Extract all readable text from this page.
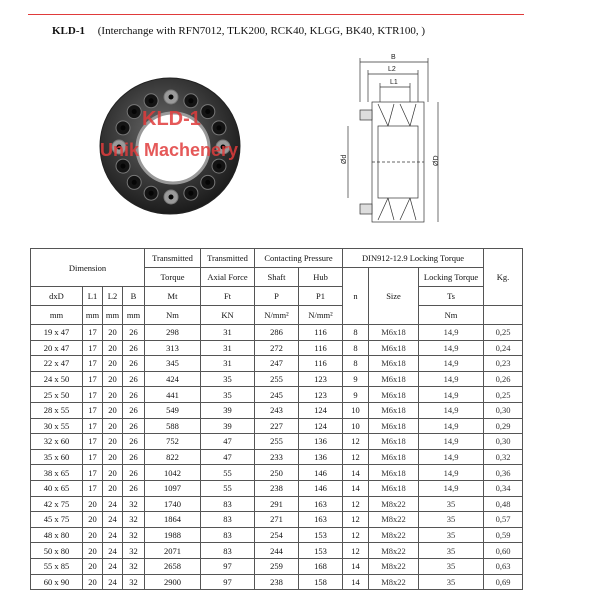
KLD-1 (Interchange with RFN7012, TLK200, RCK40, KLGG, BK40, KTR100, )
KLD-1
Unik Machenery
B
L2
L1
Ød	ØD
Dimension				Transmitted	Transmitted	Contacting Pressure		DIN912-12.9 Locking Torque			Kg.
				Torque	Axial Force	Shaft	Hub	n	Size	Locking Torque	
dxD	L1	L2	B	Mt	Ft	P	P1			Ts	
mm	mm	mm	mm	Nm	KN	N/mm²	N/mm²			Nm	
19 x 47	17	20	26	298	31	286	116	8	M6x18	14,9	0,25
20 x 47	17	20	26	313	31	272	116	8	M6x18	14,9	0,24
22 x 47	17	20	26	345	31	247	116	8	M6x18	14,9	0,23
24 x 50	17	20	26	424	35	255	123	9	M6x18	14,9	0,26
25 x 50	17	20	26	441	35	245	123	9	M6x18	14,9	0,25
28 x 55	17	20	26	549	39	243	124	10	M6x18	14,9	0,30
30 x 55	17	20	26	588	39	227	124	10	M6x18	14,9	0,29
32 x 60	17	20	26	752	47	255	136	12	M6x18	14,9	0,30
35 x 60	17	20	26	822	47	233	136	12	M6x18	14,9	0,32
38 x 65	17	20	26	1042	55	250	146	14	M6x18	14,9	0,36
40 x 65	17	20	26	1097	55	238	146	14	M6x18	14,9	0,34
42 x 75	20	24	32	1740	83	291	163	12	M8x22	35	0,48
45 x 75	20	24	32	1864	83	271	163	12	M8x22	35	0,57
48 x 80	20	24	32	1988	83	254	153	12	M8x22	35	0,59
50 x 80	20	24	32	2071	83	244	153	12	M8x22	35	0,60
55 x 85	20	24	32	2658	97	259	168	14	M8x22	35	0,63
60 x 90	20	24	32	2900	97	238	158	14	M8x22	35	0,69
